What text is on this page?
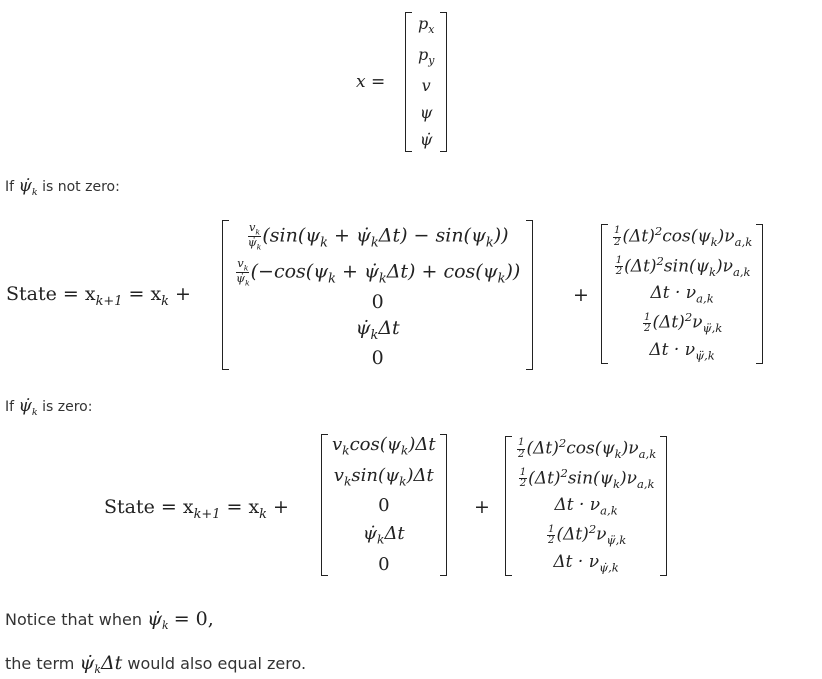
x =
$p_x$
$p_y$
v
ψ
ψ̇
If $\psi̇_k$ is not zero:
State = $x_{k+1} = x_k$ +
$\frac{v_k}{\psi̇_k} (\sin(\psi_k$ + $\psi̇_k\Delta t) - \sin(\psi_k)$)
$\frac{v_k}{\psi̇_k} (-\cos(\psi_k$ + $\psi̇_k\Delta t) + \cos(\psi_k)$)
0
$\psi̇_k\Delta t$
0
+
$\frac{1}{2} (\Delta t)^2\cos(\psi_k)\nu_{a,k}$
$\frac{1}{2} (\Delta t)^2\sin(\psi_k)\nu_{a,k}$
$\Delta t \cdot \nu_{a,k}$
$\frac{1}{2} (\Delta t)^2\nu_{\psï,k}$
$\Delta t \cdot \nu_{\psï,k}$
If $\psi̇_k$ is zero:
State = $x_{k+1} = x_k$ +
$v_k\cos(\psi_k)\Delta t$
$v_k\sin(\psi_k)\Delta t$
0
$\psi̇_k\Delta t$
0
+
$\frac{1}{2} (\Delta t)^2\cos(\psi_k)\nu_{a,k}$
$\frac{1}{2} (\Delta t)^2\sin(\psi_k)\nu_{a,k}$
$\Delta t \cdot \nu_{a,k}$
$\frac{1}{2} (\Delta t)^2\nu_{\psï,k}$
$\Delta t \cdot \nu_{\psi̇,k}$
Notice that when $\psi̇_k = 0$,
the term $\psi̇_k\Delta t$ would also equal zero.
